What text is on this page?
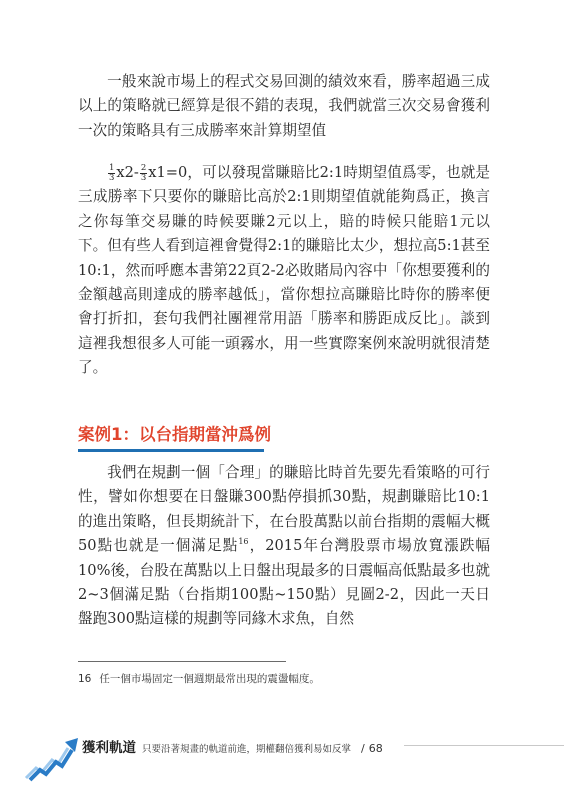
一般來說市場上的程式交易回測的績效來看，勝率超過三成以上的策略就已經算是很不錯的表現，我們就當三次交易會獲利一次的策略具有三成勝率來計算期望值

$\frac{1}{3} x2- \frac{2}{3} x1=0$，可以發現當賺賠比2:1時期望值爲零，也就是三成勝率下只要你的賺賠比高於2:1則期望值就能夠爲正，換言之你每筆交易賺的時候要賺2元以上，賠的時候只能賠1元以下。但有些人看到這裡會覺得2:1的賺賠比太少，想拉高5:1甚至10:1，然而呼應本書第22頁2-2必敗賭局內容中「你想要獲利的金額越高則達成的勝率越低」，當你想拉高賺賠比時你的勝率便會打折扣，套句我們社團裡常用語「勝率和勝距成反比」。談到這裡我想很多人可能一頭霧水，用一些實際案例來說明就很清楚了。

案例1：以台指期當沖爲例

我們在規劃一個「合理」的賺賠比時首先要先看策略的可行性，譬如你想要在日盤賺300點停損抓30點，規劃賺賠比10:1的進出策略，但長期統計下，在台股萬點以前台指期的震幅大概50點也就是一個滿足點$^{16}$，2015年台灣股票市場放寬漲跌幅10%後，台股在萬點以上日盤出現最多的日震幅高低點最多也就2~3個滿足點（台指期100點~150點）見圖2-2，因此一天日盤跑300點這樣的規劃等同緣木求魚，自然

16 任一個市場固定一個週期最常出現的震盪幅度。

獲利軌道 只要沿著規畫的軌道前進，期權翻倍獲利易如反掌 / 68
